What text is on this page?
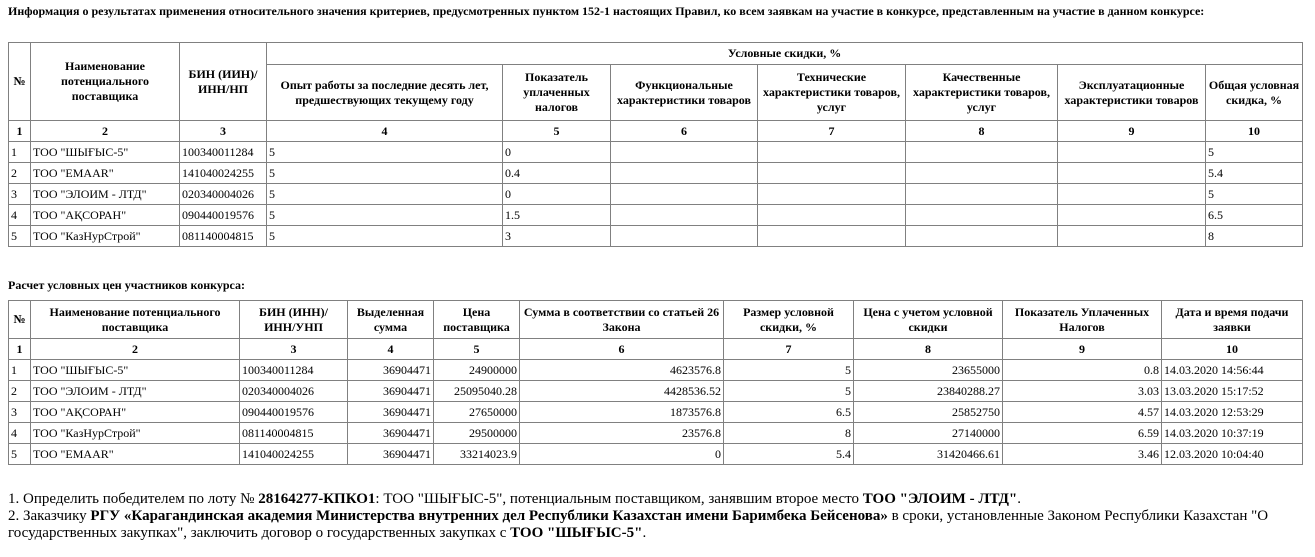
Информация о результатах применения относительного значения критериев, предусмотренных пунктом 152-1 настоящих Правил, ко всем заявкам на участие в конкурсе, представленным на участие в данном конкурсе:
№	Наименование потенциального поставщика	БИН (ИИН)/ ИНН/НП	Условные скидки, %						
			Опыт работы за последние десять лет, предшествующих текущему году	Показатель уплаченных налогов	Функциональные характеристики товаров	Технические характеристики товаров, услуг	Качественные характеристики товаров, услуг	Эксплуатационные характеристики товаров	Общая условная скидка, %
1	2	3	4	5	6	7	8	9	10
1	ТОО "ШЫҒЫС-5"	100340011284	5	0					5
2	ТОО "EMAAR"	141040024255	5	0.4					5.4
3	ТОО "ЭЛОИМ - ЛТД"	020340004026	5	0					5
4	ТОО "АҚСОРАН"	090440019576	5	1.5					6.5
5	ТОО "КазНурСтрой"	081140004815	5	3					8
Расчет условных цен участников конкурса:
№	Наименование потенциального поставщика	БИН (ИНН)/ ИНН/УНП	Выделенная сумма	Цена поставщика	Сумма в соответствии со статьей 26 Закона	Размер условной скидки, %	Цена с учетом условной скидки	Показатель Уплаченных Налогов	Дата и время подачи заявки
1	2	3	4	5	6	7	8	9	10
1	ТОО "ШЫҒЫС-5"	100340011284	36904471	24900000	4623576.8	5	23655000	0.8	14.03.2020 14:56:44
2	ТОО "ЭЛОИМ - ЛТД"	020340004026	36904471	25095040.28	4428536.52	5	23840288.27	3.03	13.03.2020 15:17:52
3	ТОО "АҚСОРАН"	090440019576	36904471	27650000	1873576.8	6.5	25852750	4.57	14.03.2020 12:53:29
4	ТОО "КазНурСтрой"	081140004815	36904471	29500000	23576.8	8	27140000	6.59	14.03.2020 10:37:19
5	ТОО "EMAAR"	141040024255	36904471	33214023.9	0	5.4	31420466.61	3.46	12.03.2020 10:04:40

1. Определить победителем по лоту № 28164277-КПКО1: ТОО "ШЫҒЫС-5", потенциальным поставщиком, занявшим второе место ТОО "ЭЛОИМ - ЛТД".

2. Заказчику РГУ «Карагандинская академия Министерства внутренних дел Республики Казахстан имени Баримбека Бейсенова» в сроки, установленные Законом Республики Казахстан "О государственных закупках", заключить договор о государственных закупках с ТОО "ШЫҒЫС-5".
